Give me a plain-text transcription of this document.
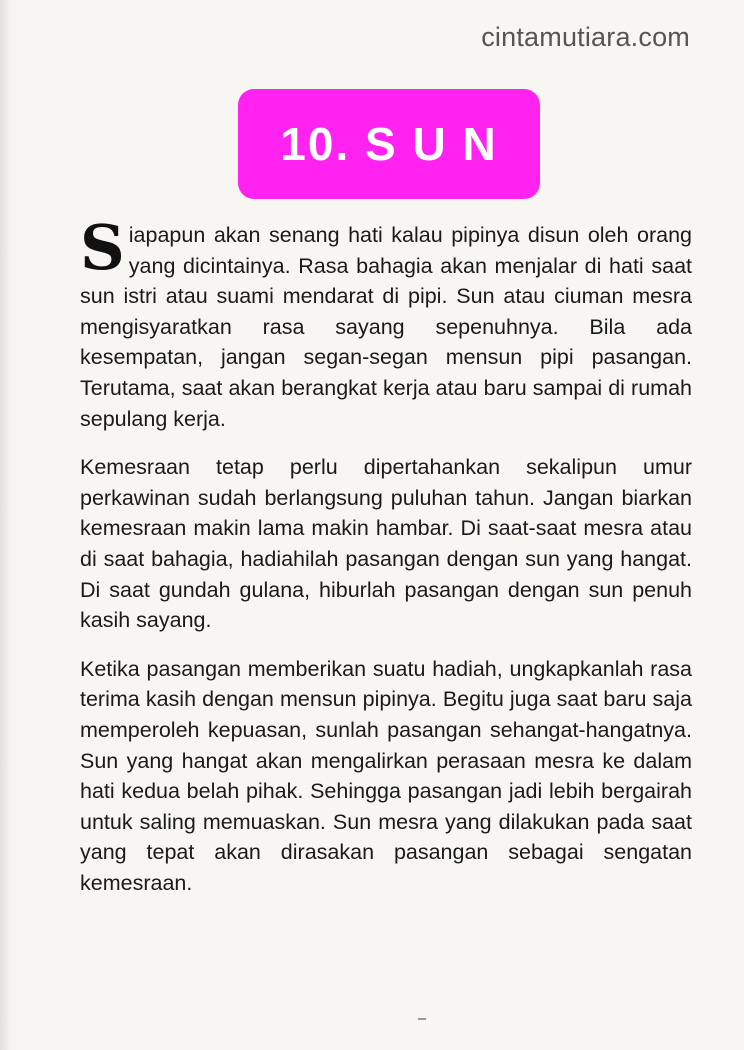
cintamutiara.com
10. S U N

Siapapun akan senang hati kalau pipinya disun oleh orang yang dicintainya. Rasa bahagia akan menjalar di hati saat sun istri atau suami mendarat di pipi. Sun atau ciuman mesra mengisyaratkan rasa sayang sepenuhnya. Bila ada kesempatan, jangan segan-segan mensun pipi pasangan. Terutama, saat akan berangkat kerja atau baru sampai di rumah sepulang kerja.

Kemesraan tetap perlu dipertahankan sekalipun umur perkawinan sudah berlangsung puluhan tahun. Jangan biarkan kemesraan makin lama makin hambar. Di saat-saat mesra atau di saat bahagia, hadiahilah pasangan dengan sun yang hangat. Di saat gundah gulana, hiburlah pasangan dengan sun penuh kasih sayang.

Ketika pasangan memberikan suatu hadiah, ungkapkanlah rasa terima kasih dengan mensun pipinya. Begitu juga saat baru saja memperoleh kepuasan, sunlah pasangan sehangat-hangatnya. Sun yang hangat akan mengalirkan perasaan mesra ke dalam hati kedua belah pihak. Sehingga pasangan jadi lebih bergairah untuk saling memuaskan. Sun mesra yang dilakukan pada saat yang tepat akan dirasakan pasangan sebagai sengatan kemesraan.
